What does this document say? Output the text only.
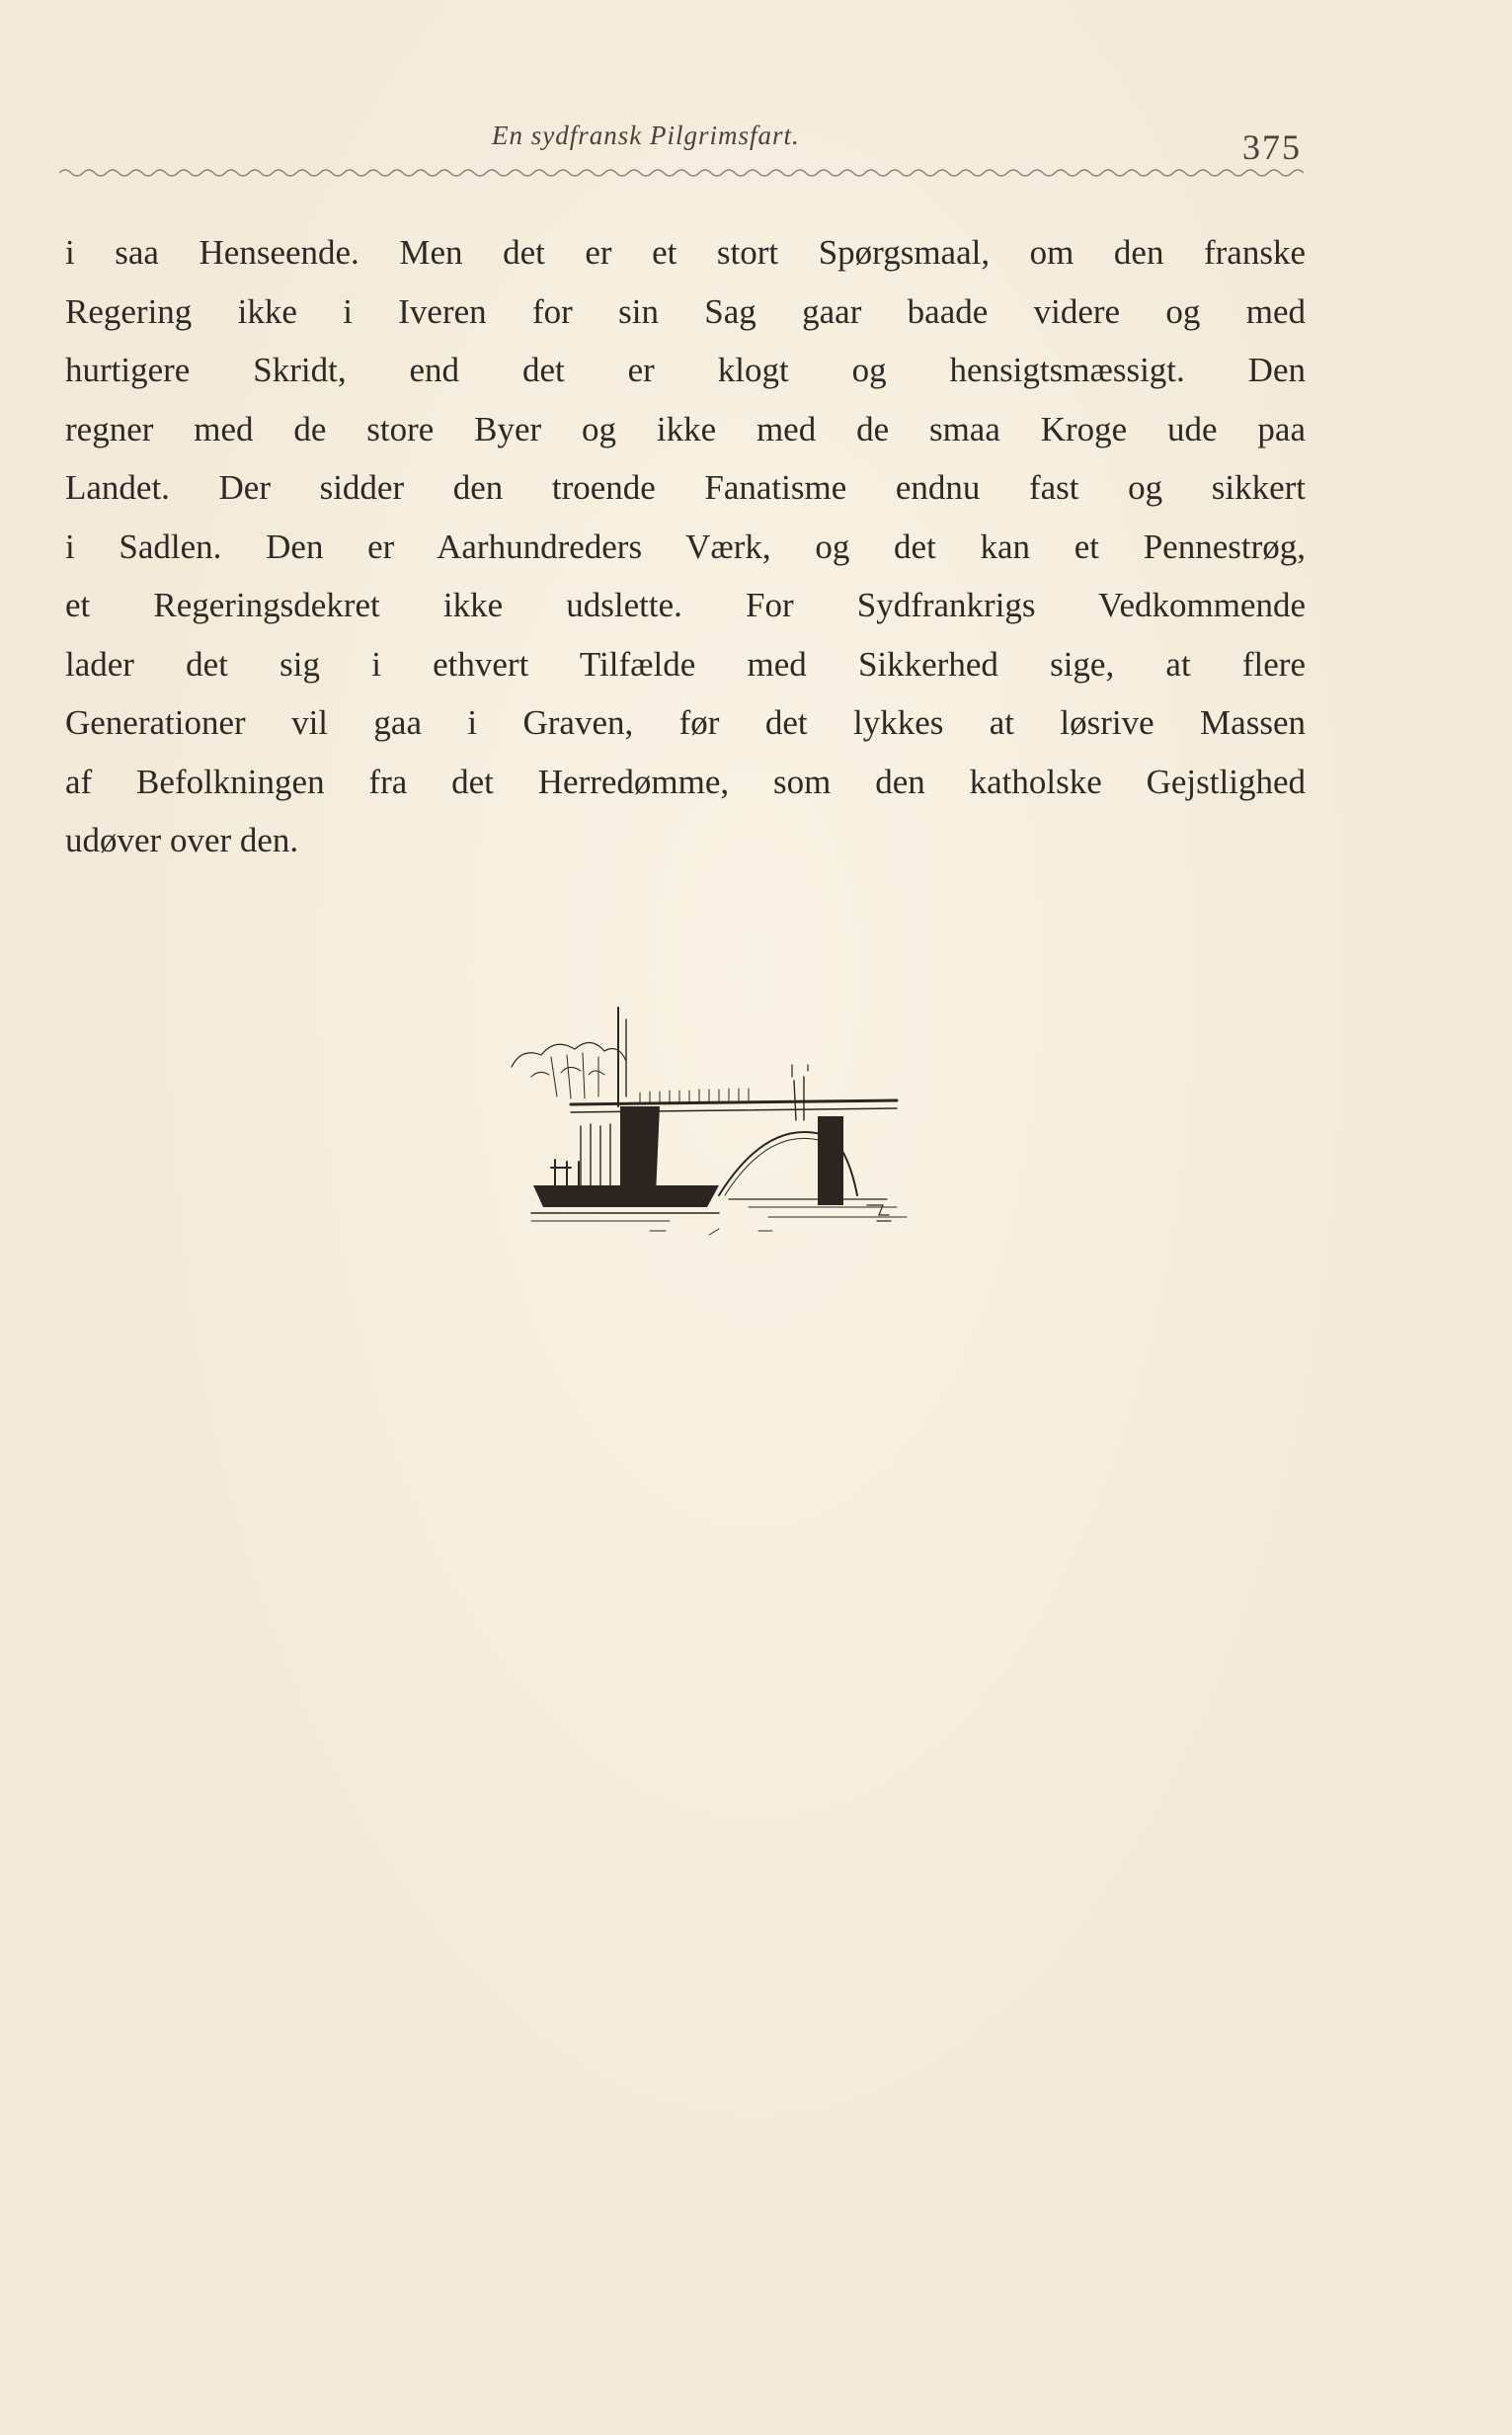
En sydfransk Pilgrimsfart.	375
i saa Henseende. Men det er et stort Spørgsmaal, om den franske
Regering ikke i Iveren for sin Sag gaar baade videre og med
hurtigere Skridt, end det er klogt og hensigtsmæssigt. Den
regner med de store Byer og ikke med de smaa Kroge ude paa
Landet. Der sidder den troende Fanatisme endnu fast og sikkert
i Sadlen. Den er Aarhundreders Værk, og det kan et Pennestrøg,
et Regeringsdekret ikke udslette. For Sydfrankrigs Vedkommende
lader det sig i ethvert Tilfælde med Sikkerhed sige, at flere
Generationer vil gaa i Graven, før det lykkes at løsrive Massen
af Befolkningen fra det Herredømme, som den katholske Gejstlighed
udøver over den.
